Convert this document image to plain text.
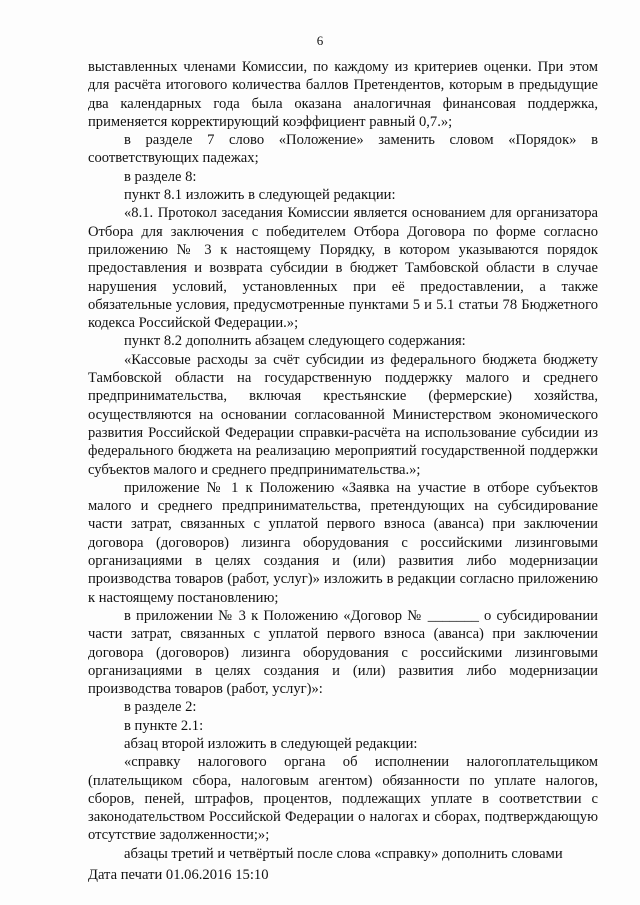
6

выставленных членами Комиссии, по каждому из критериев оценки. При этом для расчёта итогового количества баллов Претендентов, которым в предыдущие два календарных года была оказана аналогичная финансовая поддержка, применяется корректирующий коэффициент равный 0,7.»;

в разделе 7 слово «Положение» заменить словом «Порядок» в соответствующих падежах;

в разделе 8:

пункт 8.1 изложить в следующей редакции:

«8.1. Протокол заседания Комиссии является основанием для организатора Отбора для заключения с победителем Отбора Договора по форме согласно приложению № 3 к настоящему Порядку, в котором указываются порядок предоставления и возврата субсидии в бюджет Тамбовской области в случае нарушения условий, установленных при её предоставлении, а также обязательные условия, предусмотренные пунктами 5 и 5.1 статьи 78 Бюджетного кодекса Российской Федерации.»;

пункт 8.2 дополнить абзацем следующего содержания:

«Кассовые расходы за счёт субсидии из федерального бюджета бюджету Тамбовской области на государственную поддержку малого и среднего предпринимательства, включая крестьянские (фермерские) хозяйства, осуществляются на основании согласованной Министерством экономического развития Российской Федерации справки-расчёта на использование субсидии из федерального бюджета на реализацию мероприятий государственной поддержки субъектов малого и среднего предпринимательства.»;

приложение № 1 к Положению «Заявка на участие в отборе субъектов малого и среднего предпринимательства, претендующих на субсидирование части затрат, связанных с уплатой первого взноса (аванса) при заключении договора (договоров) лизинга оборудования с российскими лизинговыми организациями в целях создания и (или) развития либо модернизации производства товаров (работ, услуг)» изложить в редакции согласно приложению к настоящему постановлению;

в приложении № 3 к Положению «Договор № _______ о субсидировании части затрат, связанных с уплатой первого взноса (аванса) при заключении договора (договоров) лизинга оборудования с российскими лизинговыми организациями в целях создания и (или) развития либо модернизации производства товаров (работ, услуг)»:

в разделе 2:

в пункте 2.1:

абзац второй изложить в следующей редакции:

«справку налогового органа об исполнении налогоплательщиком (плательщиком сбора, налоговым агентом) обязанности по уплате налогов, сборов, пеней, штрафов, процентов, подлежащих уплате в соответствии с законодательством Российской Федерации о налогах и сборах, подтверждающую отсутствие задолженности;»;

абзацы третий и четвёртый после слова «справку» дополнить словами

Дата печати 01.06.2016 15:10
